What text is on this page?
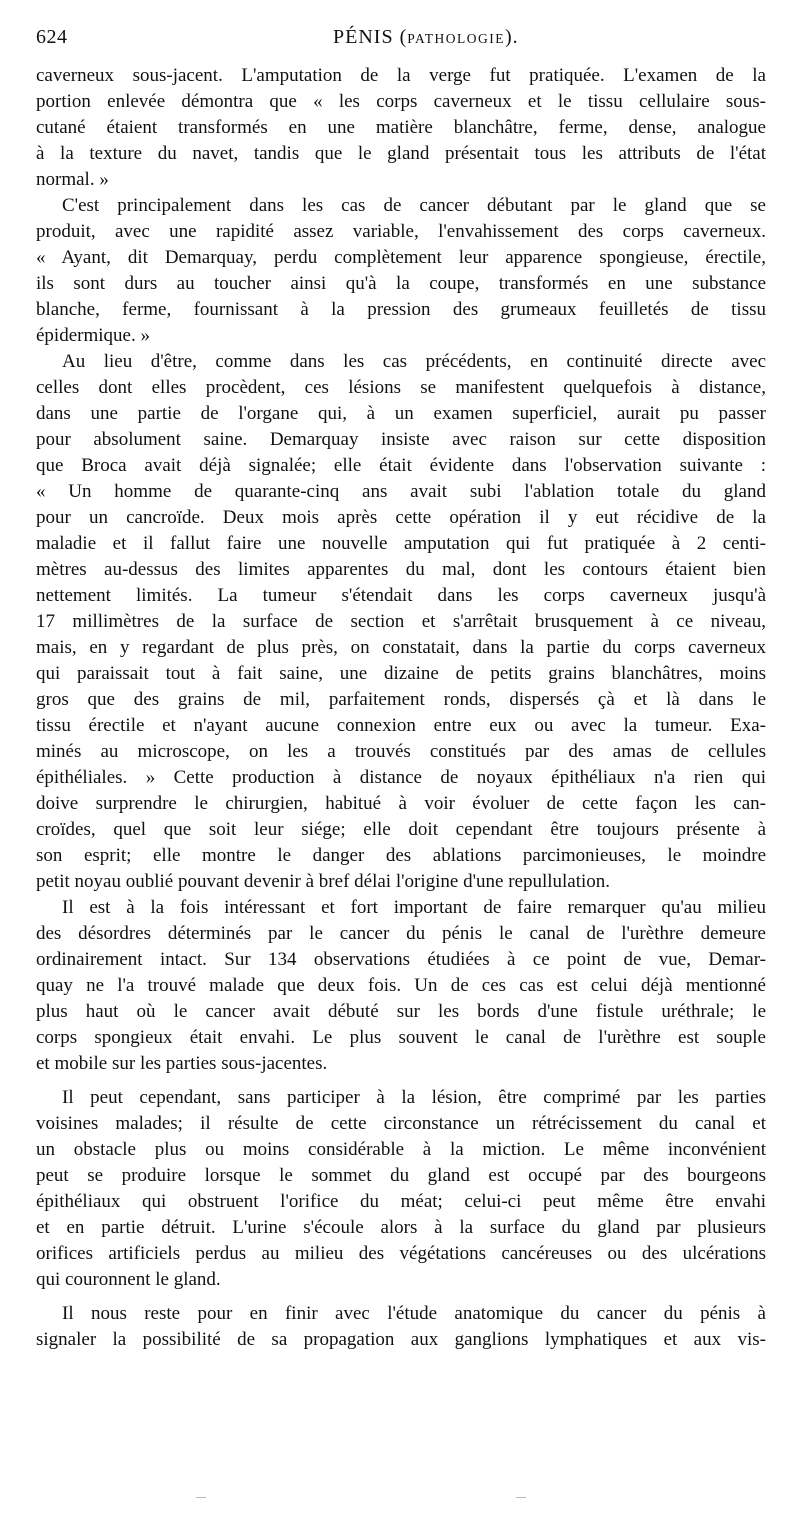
624	PÉNIS (PATHOLOGIE).
caverneux sous-jacent. L'amputation de la verge fut pratiquée. L'examen de la
portion enlevée démontra que « les corps caverneux et le tissu cellulaire sous-
cutané étaient transformés en une matière blanchâtre, ferme, dense, analogue
à la texture du navet, tandis que le gland présentait tous les attributs de l'état
normal. »
C'est principalement dans les cas de cancer débutant par le gland que se
produit, avec une rapidité assez variable, l'envahissement des corps caverneux.
« Ayant, dit Demarquay, perdu complètement leur apparence spongieuse, érectile,
ils sont durs au toucher ainsi qu'à la coupe, transformés en une substance
blanche, ferme, fournissant à la pression des grumeaux feuilletés de tissu
épidermique. »
Au lieu d'être, comme dans les cas précédents, en continuité directe avec
celles dont elles procèdent, ces lésions se manifestent quelquefois à distance,
dans une partie de l'organe qui, à un examen superficiel, aurait pu passer
pour absolument saine. Demarquay insiste avec raison sur cette disposition
que Broca avait déjà signalée; elle était évidente dans l'observation suivante :
« Un homme de quarante-cinq ans avait subi l'ablation totale du gland
pour un cancroïde. Deux mois après cette opération il y eut récidive de la
maladie et il fallut faire une nouvelle amputation qui fut pratiquée à 2 centi-
mètres au-dessus des limites apparentes du mal, dont les contours étaient bien
nettement limités. La tumeur s'étendait dans les corps caverneux jusqu'à
17 millimètres de la surface de section et s'arrêtait brusquement à ce niveau,
mais, en y regardant de plus près, on constatait, dans la partie du corps caverneux
qui paraissait tout à fait saine, une dizaine de petits grains blanchâtres, moins
gros que des grains de mil, parfaitement ronds, dispersés çà et là dans le
tissu érectile et n'ayant aucune connexion entre eux ou avec la tumeur. Exa-
minés au microscope, on les a trouvés constitués par des amas de cellules
épithéliales. » Cette production à distance de noyaux épithéliaux n'a rien qui
doive surprendre le chirurgien, habitué à voir évoluer de cette façon les can-
croïdes, quel que soit leur siége; elle doit cependant être toujours présente à
son esprit; elle montre le danger des ablations parcimonieuses, le moindre
petit noyau oublié pouvant devenir à bref délai l'origine d'une repullulation.
Il est à la fois intéressant et fort important de faire remarquer qu'au milieu
des désordres déterminés par le cancer du pénis le canal de l'urèthre demeure
ordinairement intact. Sur 134 observations étudiées à ce point de vue, Demar-
quay ne l'a trouvé malade que deux fois. Un de ces cas est celui déjà mentionné
plus haut où le cancer avait débuté sur les bords d'une fistule uréthrale; le
corps spongieux était envahi. Le plus souvent le canal de l'urèthre est souple
et mobile sur les parties sous-jacentes.
Il peut cependant, sans participer à la lésion, être comprimé par les parties
voisines malades; il résulte de cette circonstance un rétrécissement du canal et
un obstacle plus ou moins considérable à la miction. Le même inconvénient
peut se produire lorsque le sommet du gland est occupé par des bourgeons
épithéliaux qui obstruent l'orifice du méat; celui-ci peut même être envahi
et en partie détruit. L'urine s'écoule alors à la surface du gland par plusieurs
orifices artificiels perdus au milieu des végétations cancéreuses ou des ulcérations
qui couronnent le gland.
Il nous reste pour en finir avec l'étude anatomique du cancer du pénis à
signaler la possibilité de sa propagation aux ganglions lymphatiques et aux vis-
